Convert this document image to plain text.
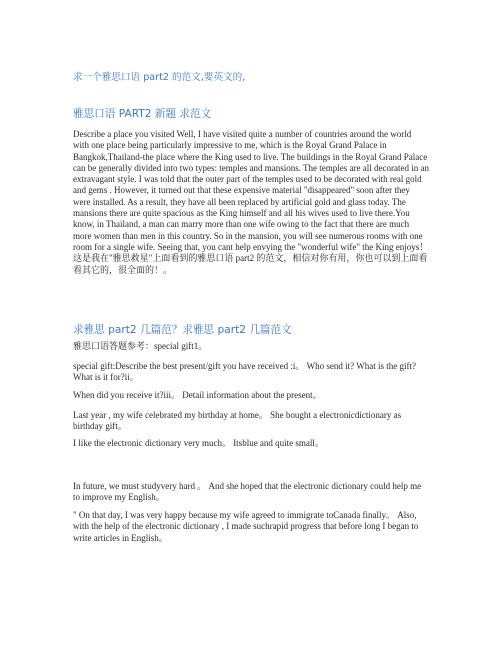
求一个雅思口语 part2 的范文,要英文的,
雅思口语 PART2 新题 求范文

Describe a place you visited Well, I have visited quite a number of countries around the world with one place being particularly impressive to me, which is the Royal Grand Palace in Bangkok,Thailand-the place where the King used to live. The buildings in the Royal Grand Palace can be generally divided into two types: temples and mansions. The temples are all decorated in an extravagant style. I was told that the outer part of the temples used to be decorated with real gold and gems . However, it turned out that these expensive material "disappeared" soon after they were installed. As a result, they have all been replaced by artificial gold and glass today. The mansions there are quite spacious as the King himself and all his wives used to live there.You know, in Thailand, a man can marry more than one wife owing to the fact that there are much more women than men in this country. So in the mansion, you will see numerous rooms with one room for a single wife. Seeing that, you cant help envying the "wonderful wife" the King enjoys！这是我在"雅思救星"上面看到的雅思口语 part2 的范文，相信对你有用，你也可以到上面看看其它的，很全面的！。

求雅思 part2 几篇范？求雅思 part2 几篇范文

雅思口语答题参考：special gift1。

special gift:Describe the best present/gift you have received :i。 Who send it? What is the gift? What is it for?ii。

When did you receive it?iii。 Detail information about the present。

Last year , my wife celebrated my birthday at home。 She bought a electronicdictionary as birthday gift。

I like the electronic dictionary very much。 Itsblue and quite small。

In future, we must studyvery hard 。 And she hoped that the electronic dictionary could help me to improve my English。

" On that day, I was very happy because my wife agreed to immigrate toCanada finally。 Also, with the help of the electronic dictionary , I made suchrapid progress that before long I began to write articles in English。
